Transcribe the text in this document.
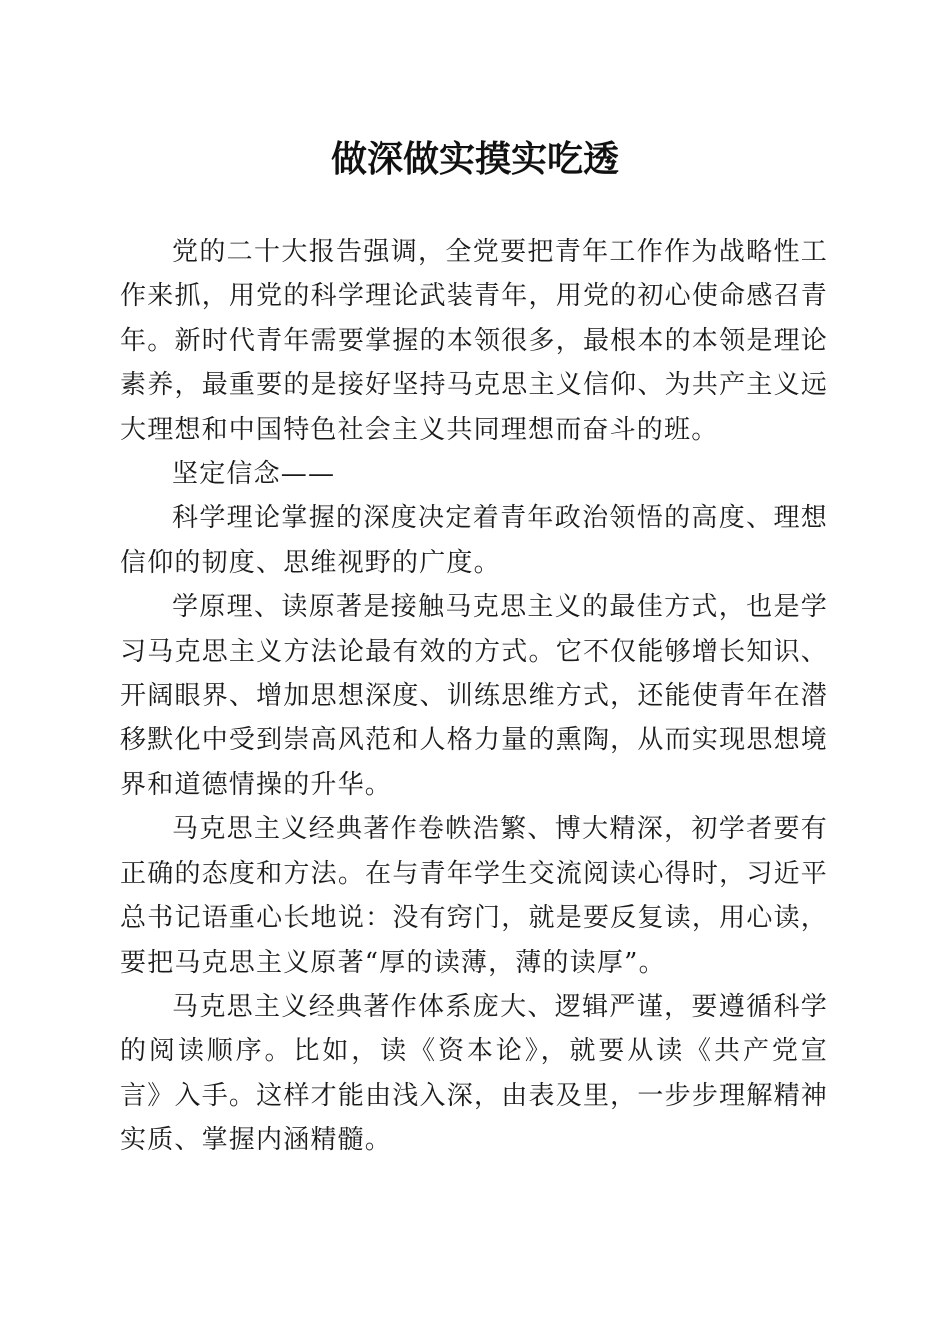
做深做实摸实吃透

党的二十大报告强调，全党要把青年工作作为战略性工作来抓，用党的科学理论武装青年，用党的初心使命感召青年。新时代青年需要掌握的本领很多，最根本的本领是理论素养，最重要的是接好坚持马克思主义信仰、为共产主义远大理想和中国特色社会主义共同理想而奋斗的班。

坚定信念——

科学理论掌握的深度决定着青年政治领悟的高度、理想信仰的韧度、思维视野的广度。

学原理、读原著是接触马克思主义的最佳方式，也是学习马克思主义方法论最有效的方式。它不仅能够增长知识、开阔眼界、增加思想深度、训练思维方式，还能使青年在潜移默化中受到崇高风范和人格力量的熏陶，从而实现思想境界和道德情操的升华。

马克思主义经典著作卷帙浩繁、博大精深，初学者要有正确的态度和方法。在与青年学生交流阅读心得时，习近平总书记语重心长地说：没有窍门，就是要反复读，用心读，要把马克思主义原著“厚的读薄，薄的读厚”。

马克思主义经典著作体系庞大、逻辑严谨，要遵循科学的阅读顺序。比如，读《资本论》，就要从读《共产党宣言》入手。这样才能由浅入深，由表及里，一步步理解精神实质、掌握内涵精髓。
